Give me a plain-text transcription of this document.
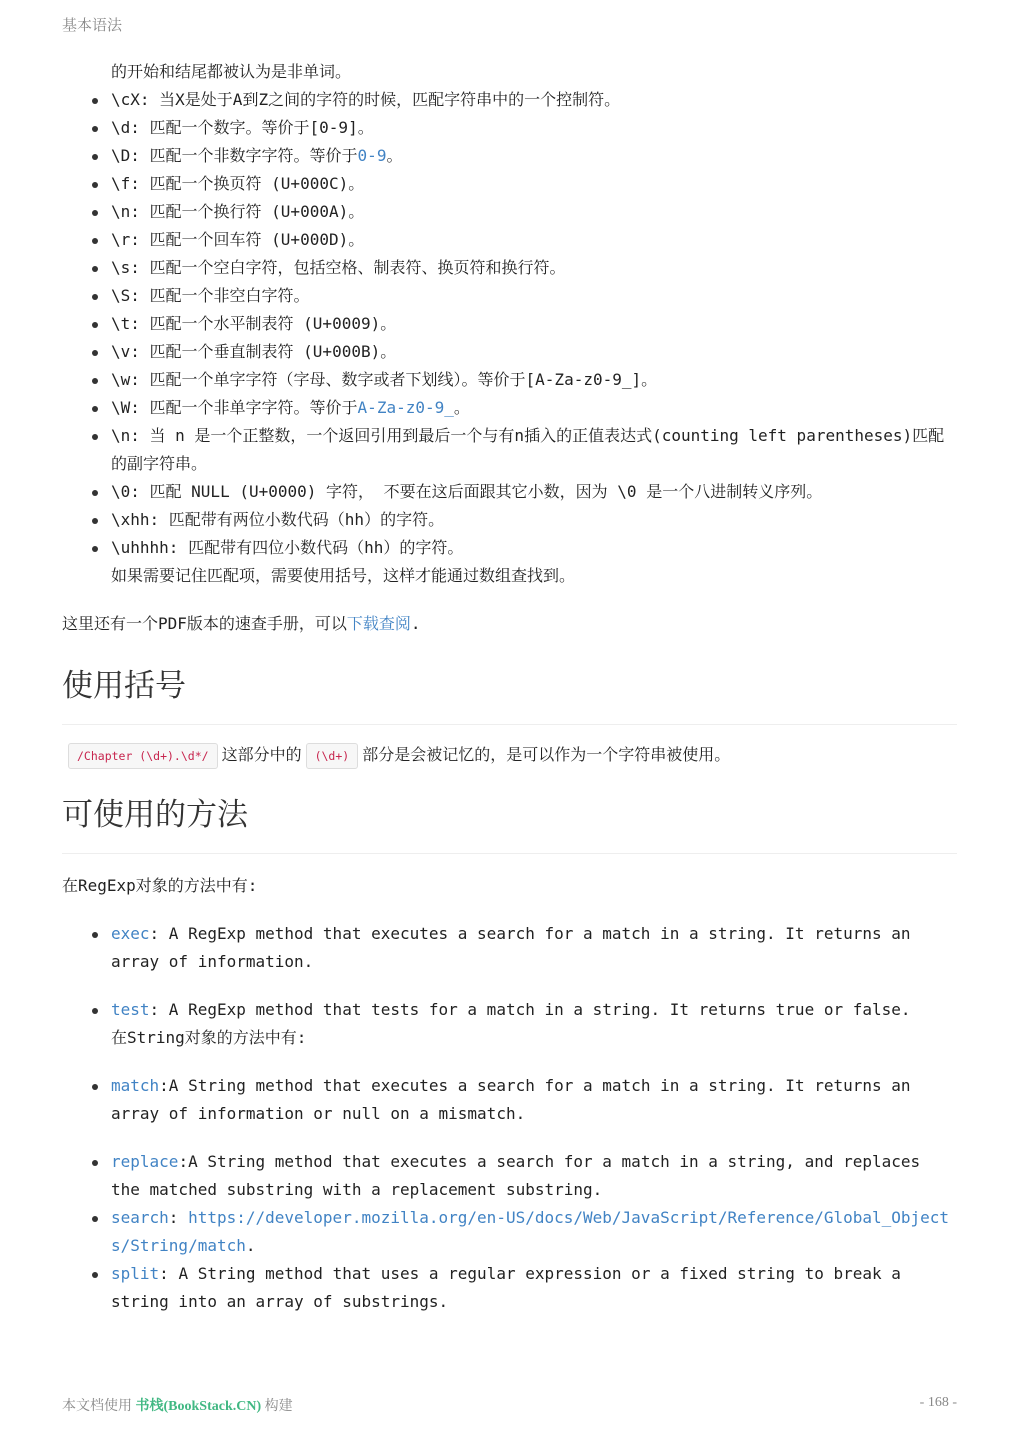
基本语法
的开始和结尾都被认为是非单词。
\cX: 当X是处于A到Z之间的字符的时候，匹配字符串中的一个控制符。
\d: 匹配一个数字。等价于[0-9]。
\D: 匹配一个非数字字符。等价于0-9。
\f: 匹配一个换页符 (U+000C)。
\n: 匹配一个换行符 (U+000A)。
\r: 匹配一个回车符 (U+000D)。
\s: 匹配一个空白字符，包括空格、制表符、换页符和换行符。
\S: 匹配一个非空白字符。
\t: 匹配一个水平制表符 (U+0009)。
\v: 匹配一个垂直制表符 (U+000B)。
\w: 匹配一个单字字符（字母、数字或者下划线）。等价于[A-Za-z0-9_]。
\W: 匹配一个非单字字符。等价于A-Za-z0-9_。
\n: 当 n 是一个正整数，一个返回引用到最后一个与有n插入的正值表达式(counting left parentheses)匹配的副字符串。
\0: 匹配 NULL (U+0000) 字符， 不要在这后面跟其它小数，因为 \0 是一个八进制转义序列。
\xhh: 匹配带有两位小数代码（hh）的字符。
\uhhhh: 匹配带有四位小数代码（hh）的字符。
如果需要记住匹配项，需要使用括号，这样才能通过数组查找到。

这里还有一个PDF版本的速查手册，可以下载查阅.

使用括号

/Chapter (\d+).\d*/ 这部分中的 (\d+) 部分是会被记忆的，是可以作为一个字符串被使用。

可使用的方法

在RegExp对象的方法中有:

exec: A RegExp method that executes a search for a match in a string. It returns an array of information.
test: A RegExp method that tests for a match in a string. It returns true or false.
在String对象的方法中有:
match:A String method that executes a search for a match in a string. It returns an array of information or null on a mismatch.
replace:A String method that executes a search for a match in a string, and replaces the matched substring with a replacement substring.
search: https://developer.mozilla.org/en-US/docs/Web/JavaScript/Reference/Global_Objects/String/match.
split: A String method that uses a regular expression or a fixed string to break a string into an array of substrings.
本文档使用 书栈(BookStack.CN) 构建	- 168 -
